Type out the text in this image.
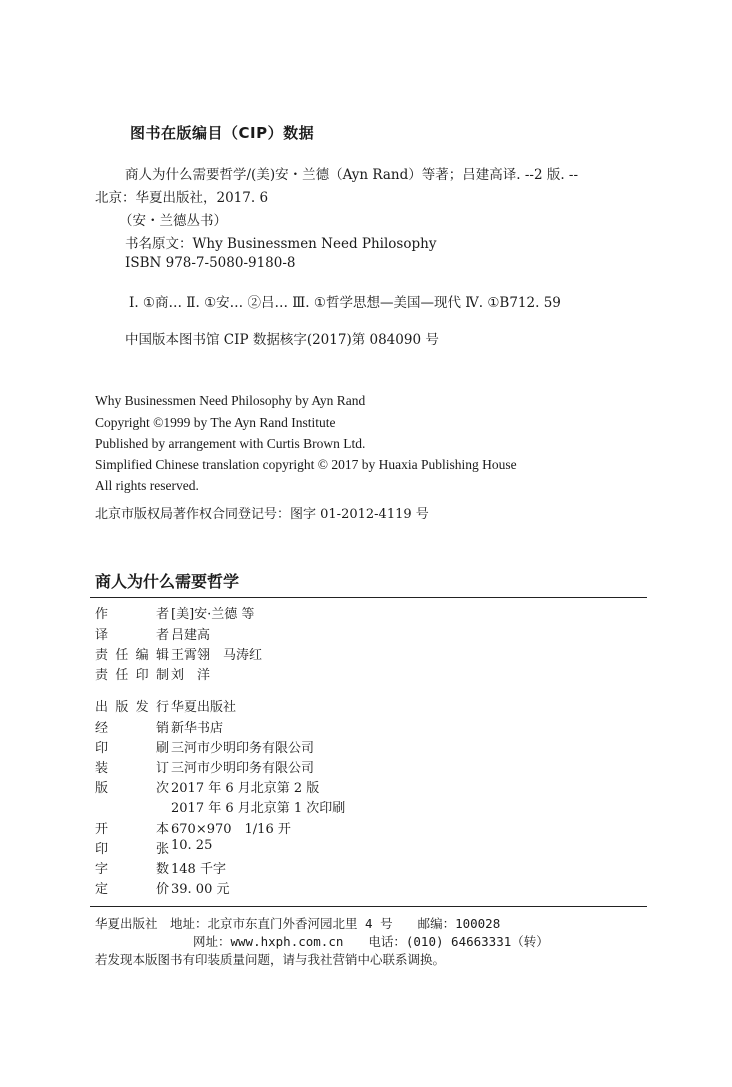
图书在版编目（CIP）数据
商人为什么需要哲学/(美)安・兰德（Ayn Rand）等著；吕建高译. --2 版. --
北京：华夏出版社，2017. 6
（安・兰德丛书）
书名原文：Why Businessmen Need Philosophy
ISBN 978-7-5080-9180-8
Ⅰ. ①商… Ⅱ. ①安… ②吕… Ⅲ. ①哲学思想—美国—现代 Ⅳ. ①B712. 59
中国版本图书馆 CIP 数据核字(2017)第 084090 号
Why Businessmen Need Philosophy by Ayn Rand
Copyright ©1999 by The Ayn Rand Institute
Published by arrangement with Curtis Brown Ltd.
Simplified Chinese translation copyright © 2017 by Huaxia Publishing House
All rights reserved.
北京市版权局著作权合同登记号：图字 01-2012-4119 号
商人为什么需要哲学
作　　者 [美]安·兰德 等
译　　者 吕建高
责任编辑 王霄翎　马涛红
责任印制 刘　洋
出版发行 华夏出版社
经　　销 新华书店
印　　刷 三河市少明印务有限公司
装　　订 三河市少明印务有限公司
版　　次 2017 年 6 月北京第 2 版
2017 年 6 月北京第 1 次印刷
开　　本 670×970　1/16 开
印　　张 10. 25
字　　数 148 千字
定　　价 39. 00 元
华夏出版社　地址：北京市东直门外香河园北里 4 号　　邮编：100028
网址：www.hxph.com.cn　　电话：(010) 64663331（转）
若发现本版图书有印装质量问题，请与我社营销中心联系调换。
